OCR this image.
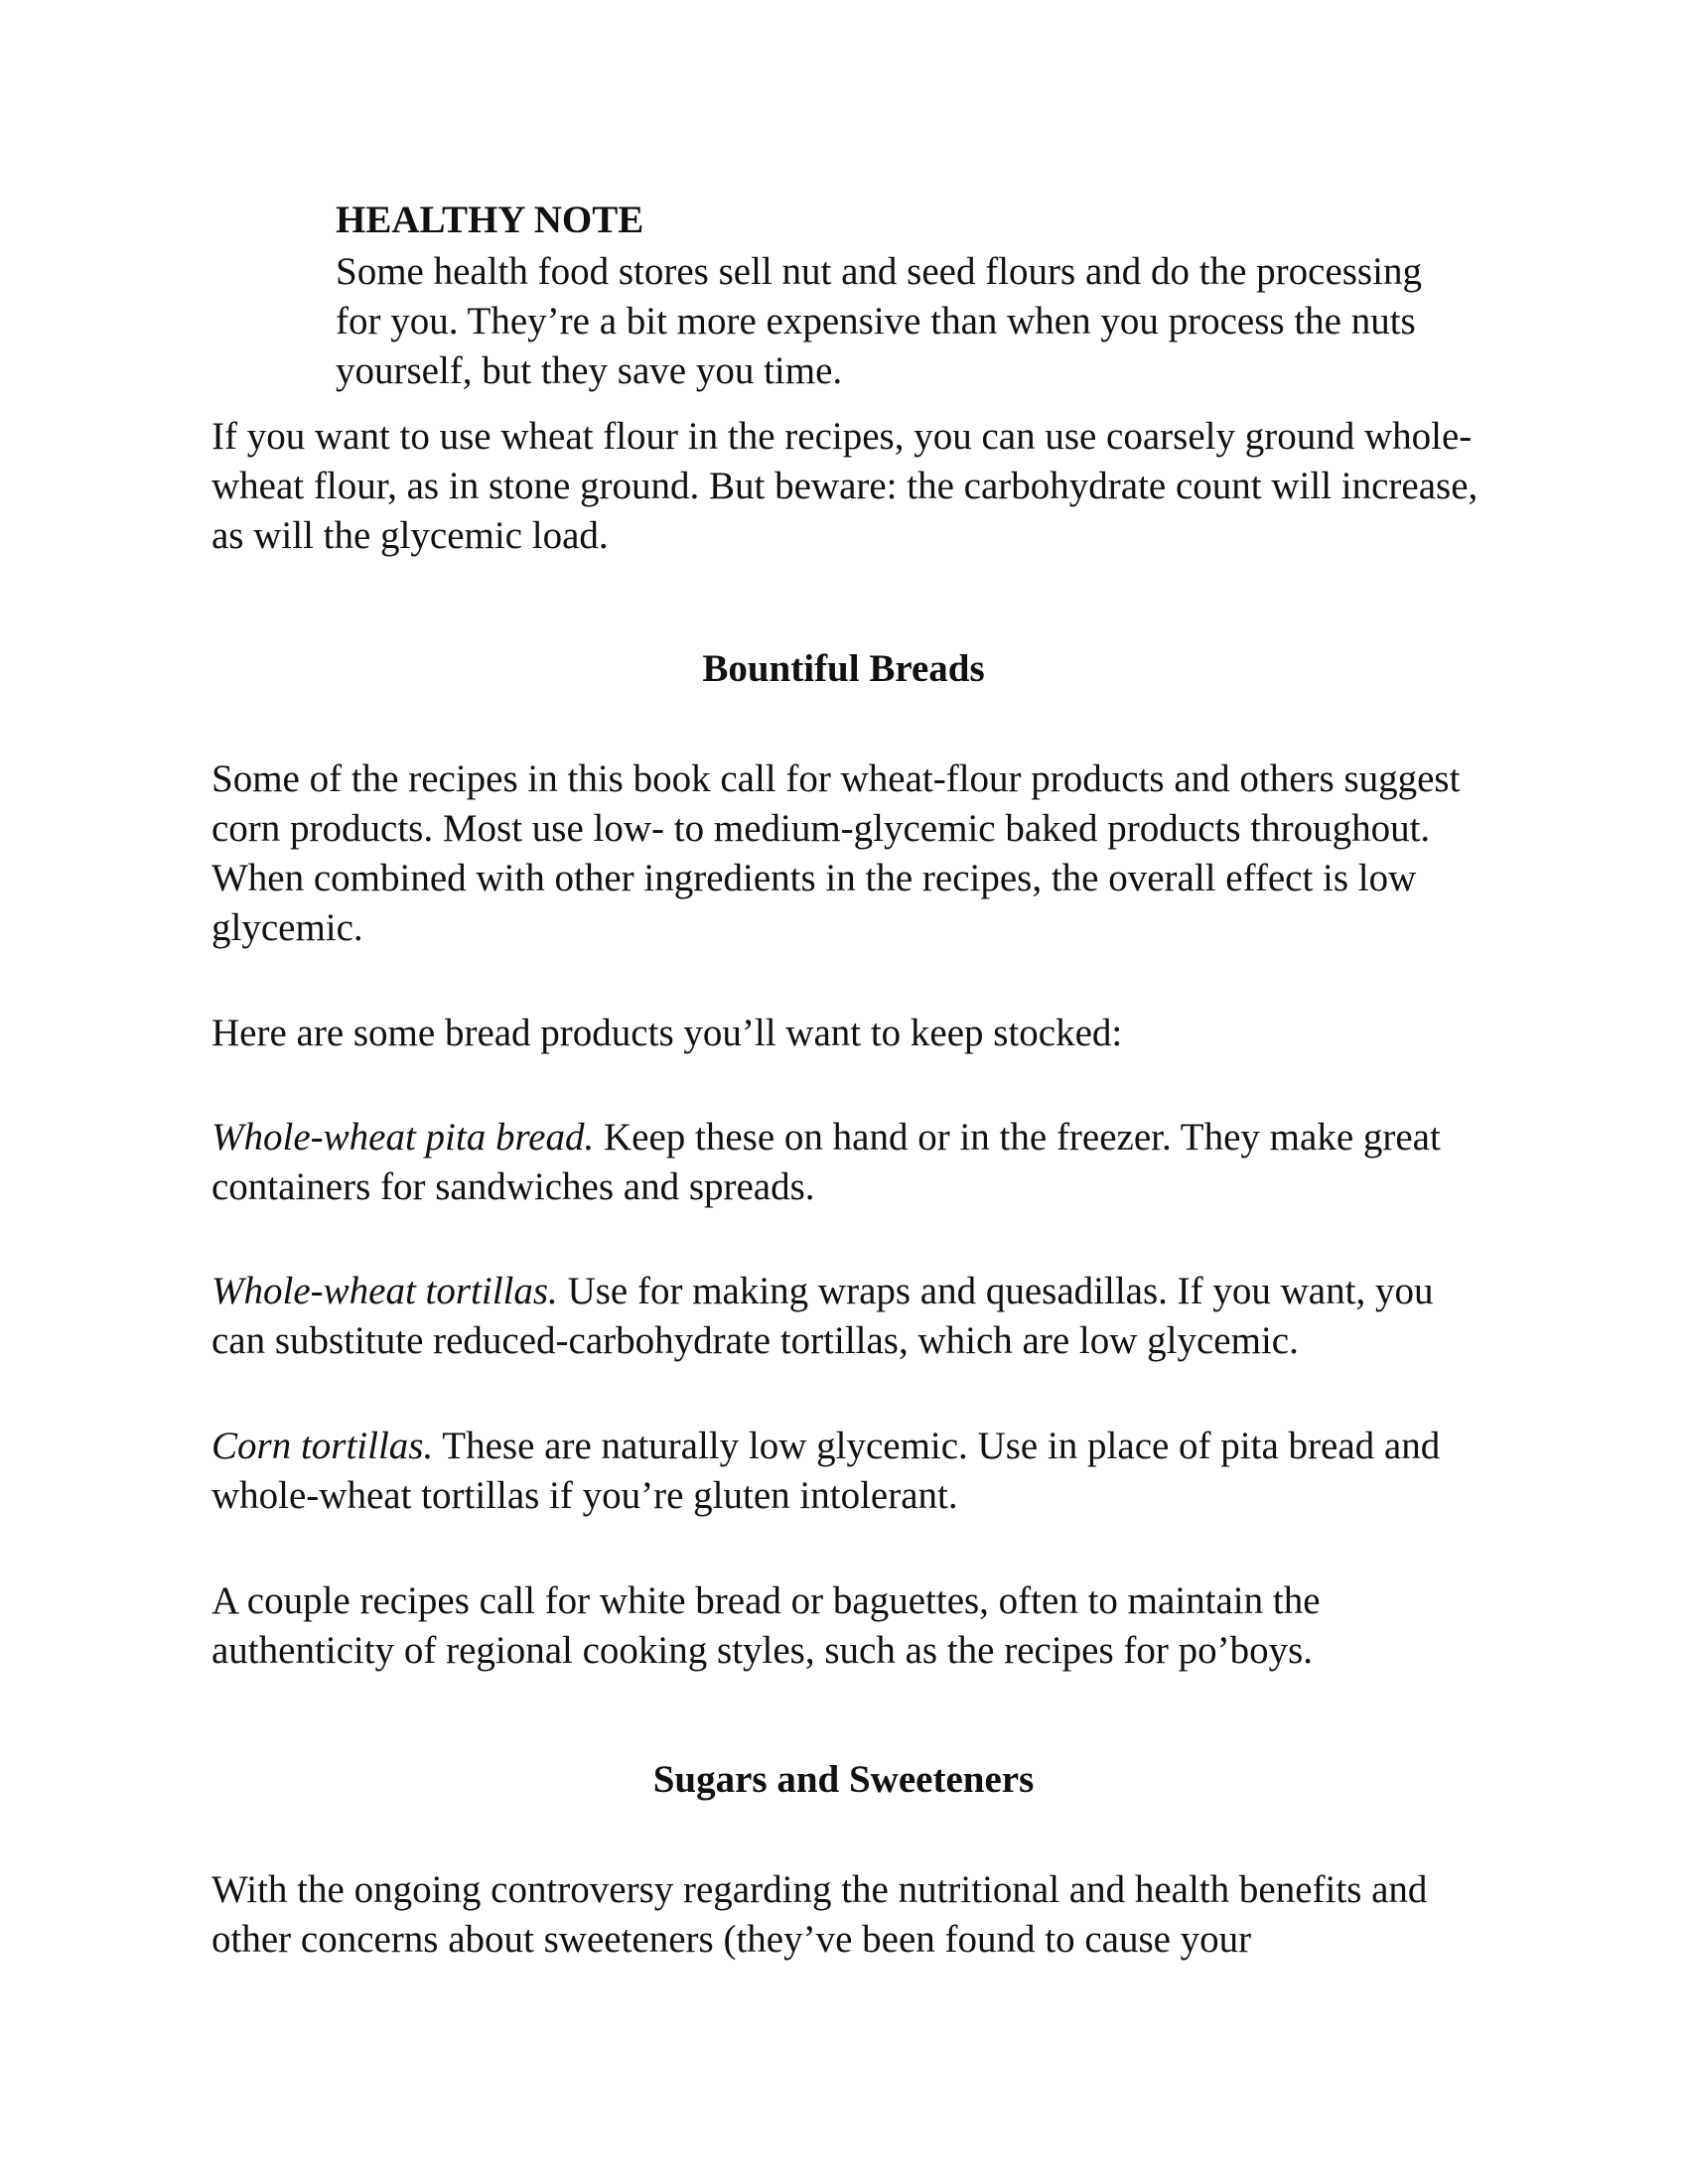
HEALTHY NOTE
Some health food stores sell nut and seed flours and do the processing for you. They’re a bit more expensive than when you process the nuts yourself, but they save you time.

If you want to use wheat flour in the recipes, you can use coarsely ground whole-wheat flour, as in stone ground. But beware: the carbohydrate count will increase, as will the glycemic load.

Bountiful Breads

Some of the recipes in this book call for wheat-flour products and others suggest corn products. Most use low- to medium-glycemic baked products throughout. When combined with other ingredients in the recipes, the overall effect is low glycemic.

Here are some bread products you’ll want to keep stocked:

Whole-wheat pita bread. Keep these on hand or in the freezer. They make great containers for sandwiches and spreads.

Whole-wheat tortillas. Use for making wraps and quesadillas. If you want, you can substitute reduced-carbohydrate tortillas, which are low glycemic.

Corn tortillas. These are naturally low glycemic. Use in place of pita bread and whole-wheat tortillas if you’re gluten intolerant.

A couple recipes call for white bread or baguettes, often to maintain the authenticity of regional cooking styles, such as the recipes for po’boys.

Sugars and Sweeteners

With the ongoing controversy regarding the nutritional and health benefits and other concerns about sweeteners (they’ve been found to cause your
